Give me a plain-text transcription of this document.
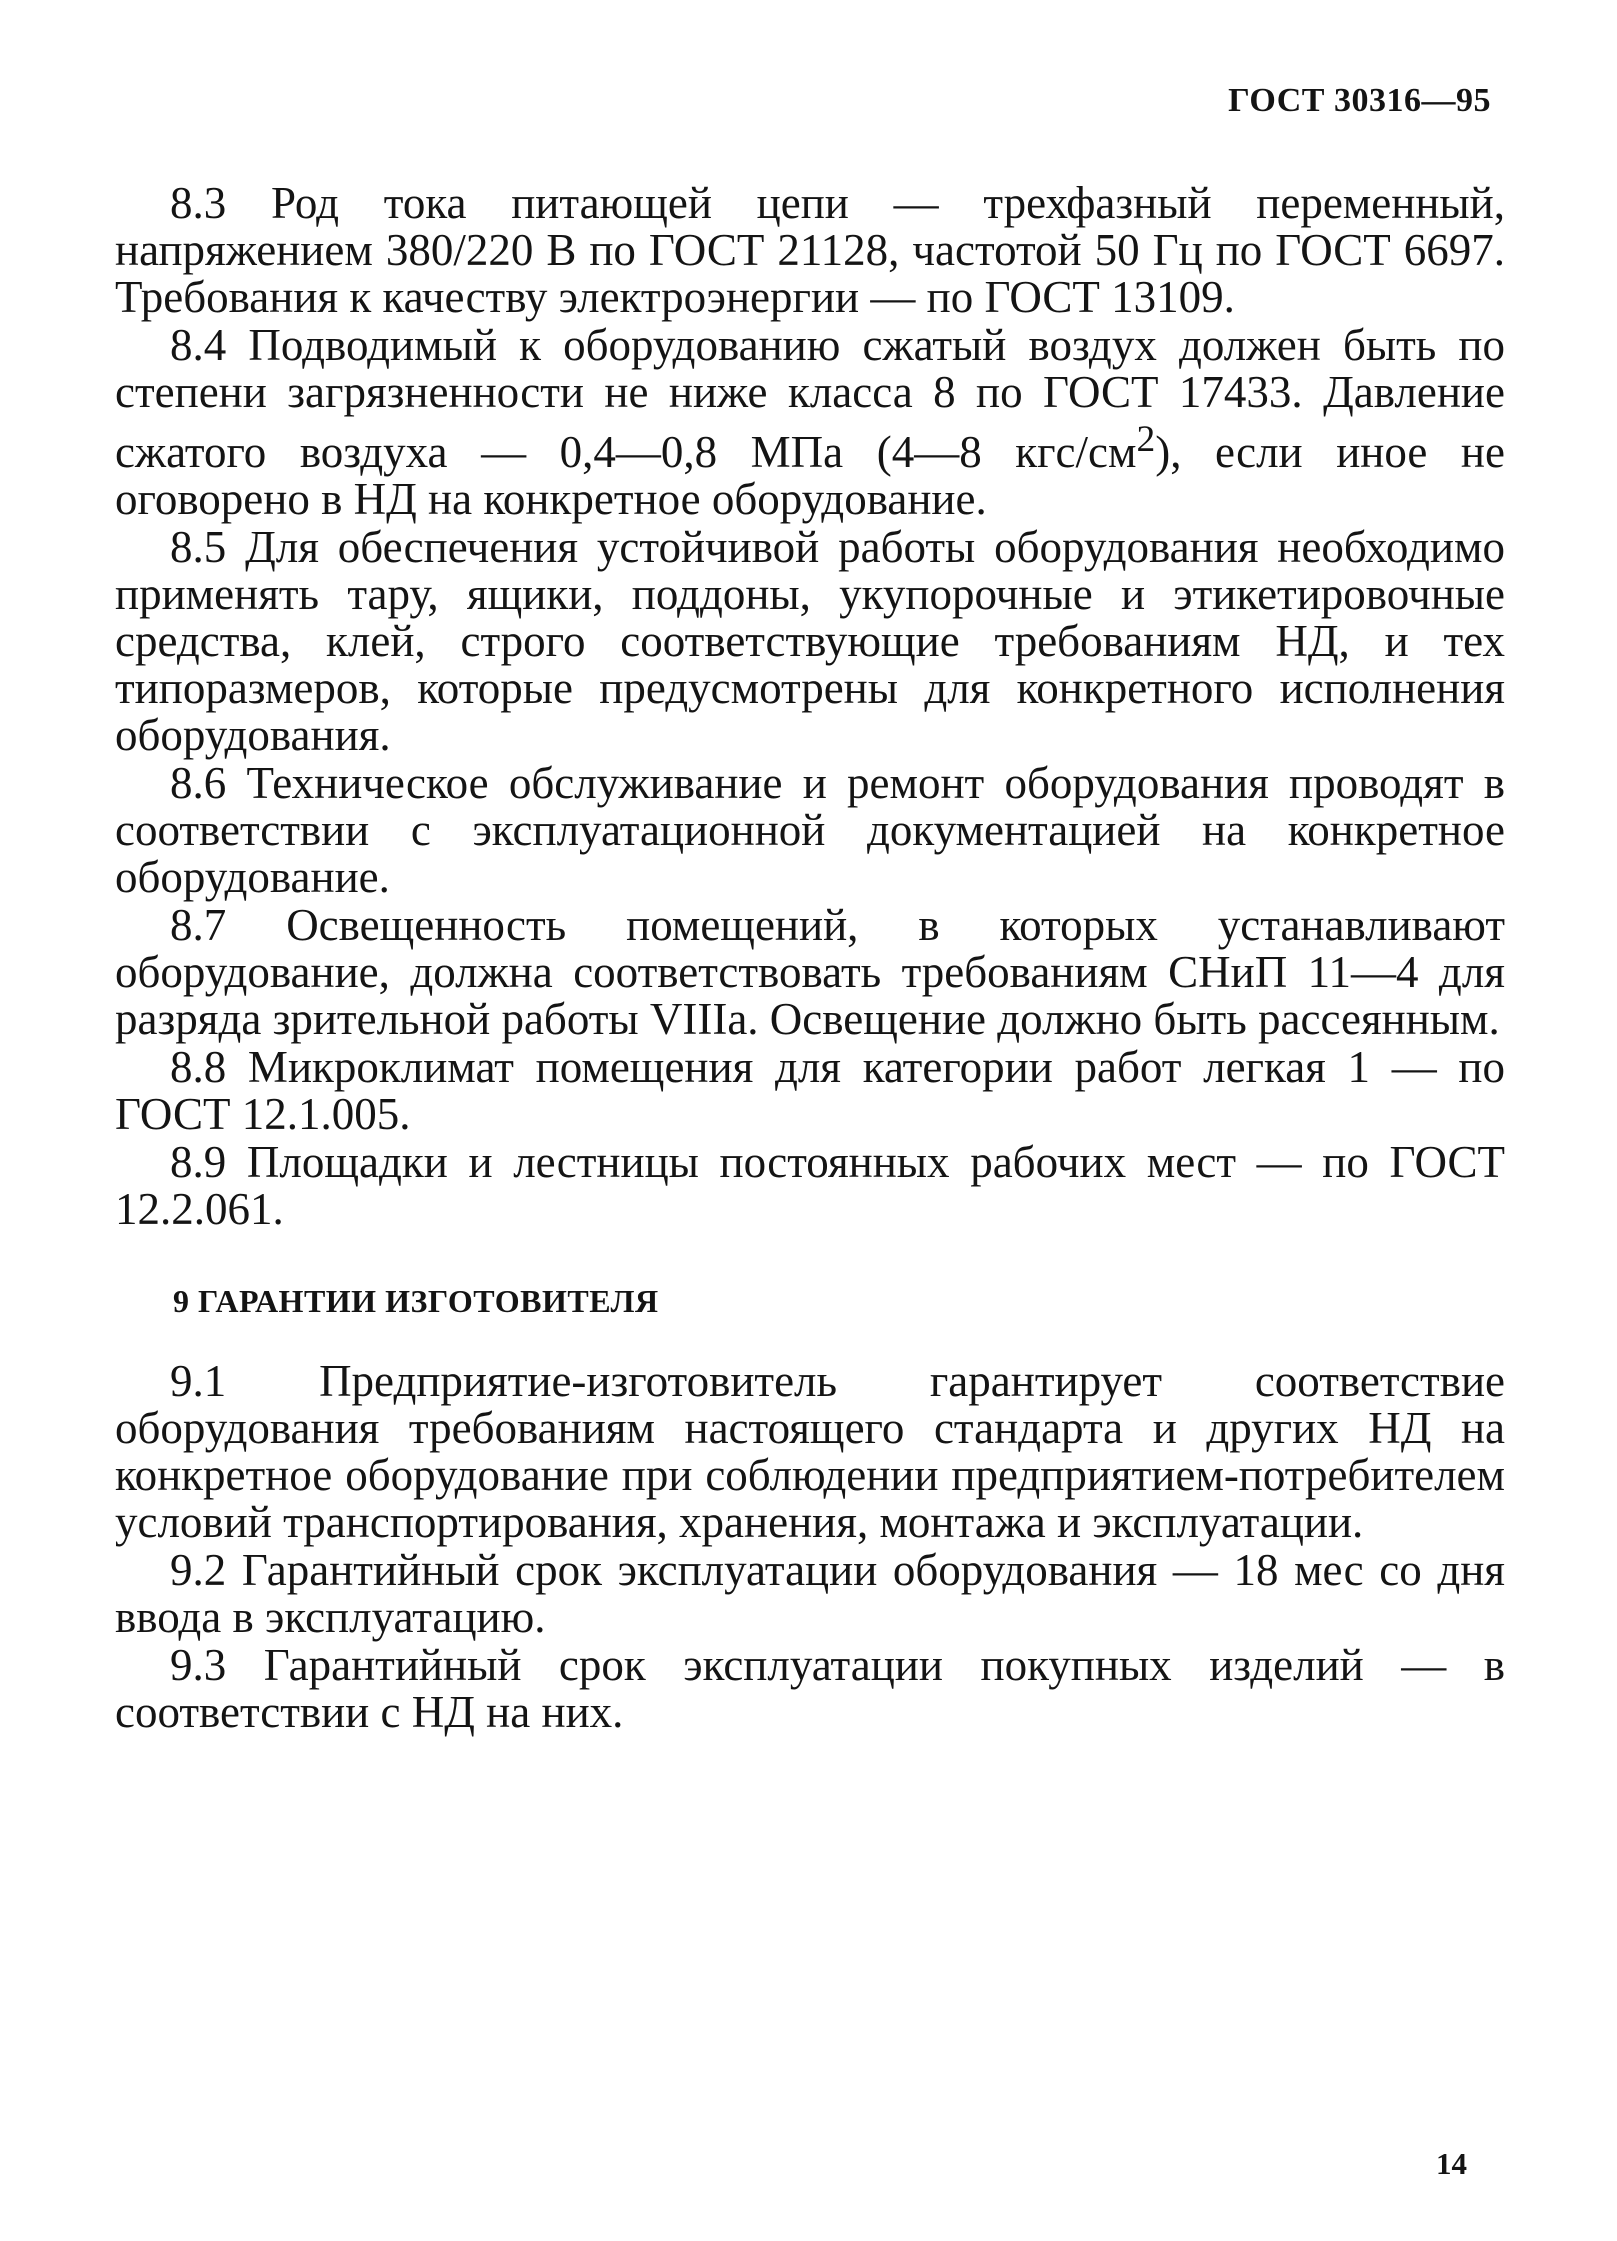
ГОСТ 30316—95

8.3 Род тока питающей цепи — трехфазный переменный, напряжением 380/220 В по ГОСТ 21128, частотой 50 Гц по ГОСТ 6697. Требования к качеству электроэнергии — по ГОСТ 13109.

8.4 Подводимый к оборудованию сжатый воздух должен быть по степени загрязненности не ниже класса 8 по ГОСТ 17433. Давление сжатого воздуха — 0,4—0,8 МПа (4—8 кгс/$см^2$), если иное не оговорено в НД на конкретное оборудование.

8.5 Для обеспечения устойчивой работы оборудования необходимо применять тару, ящики, поддоны, укупорочные и этикетировочные средства, клей, строго соответствующие требованиям НД, и тех типоразмеров, которые предусмотрены для конкретного исполнения оборудования.

8.6 Техническое обслуживание и ремонт оборудования проводят в соответствии с эксплуатационной документацией на конкретное оборудование.

8.7 Освещенность помещений, в которых устанавливают оборудование, должна соответствовать требованиям СНиП 11—4 для разряда зрительной работы VIIIа. Освещение должно быть рассеянным.

8.8 Микроклимат помещения для категории работ легкая 1 — по ГОСТ 12.1.005.

8.9 Площадки и лестницы постоянных рабочих мест — по ГОСТ 12.2.061.

9 ГАРАНТИИ ИЗГОТОВИТЕЛЯ

9.1 Предприятие-изготовитель гарантирует соответствие оборудования требованиям настоящего стандарта и других НД на конкретное оборудование при соблюдении предприятием-потребителем условий транспортирования, хранения, монтажа и эксплуатации.

9.2 Гарантийный срок эксплуатации оборудования — 18 мес со дня ввода в эксплуатацию.

9.3 Гарантийный срок эксплуатации покупных изделий — в соответствии с НД на них.

14
